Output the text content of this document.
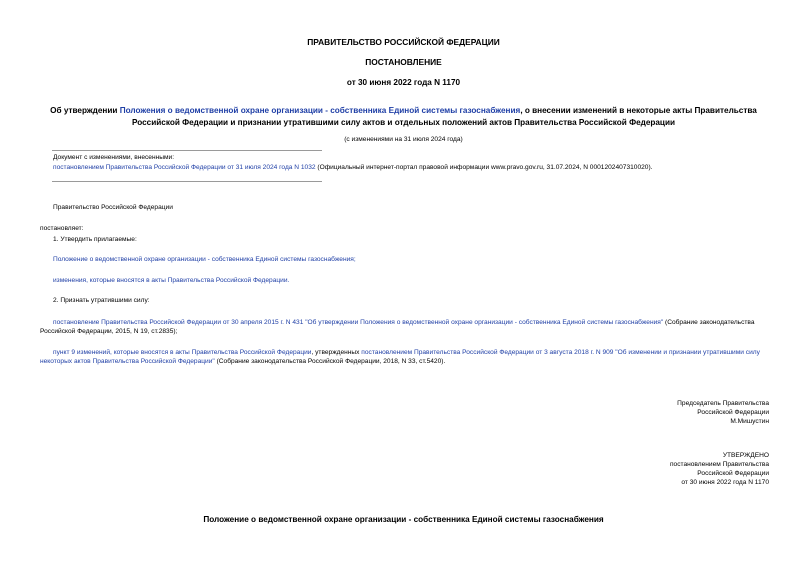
ПРАВИТЕЛЬСТВО РОССИЙСКОЙ ФЕДЕРАЦИИ
ПОСТАНОВЛЕНИЕ
от 30 июня 2022 года N 1170
Об утверждении Положения о ведомственной охране организации - собственника Единой системы газоснабжения, о внесении изменений в некоторые акты Правительства Российской Федерации и признании утратившими силу актов и отдельных положений актов Правительства Российской Федерации
(с изменениями на 31 июля 2024 года)
Документ с изменениями, внесенными:
постановлением Правительства Российской Федерации от 31 июля 2024 года N 1032 (Официальный интернет-портал правовой информации www.pravo.gov.ru, 31.07.2024, N 0001202407310020).
Правительство Российской Федерации
постановляет:
1. Утвердить прилагаемые:
Положение о ведомственной охране организации - собственника Единой системы газоснабжения;
изменения, которые вносятся в акты Правительства Российской Федерации.
2. Признать утратившими силу:
постановление Правительства Российской Федерации от 30 апреля 2015 г. N 431 "Об утверждении Положения о ведомственной охране организации - собственника Единой системы газоснабжения" (Собрание законодательства Российской Федерации, 2015, N 19, ст.2835);
пункт 9 изменений, которые вносятся в акты Правительства Российской Федерации, утвержденных постановлением Правительства Российской Федерации от 3 августа 2018 г. N 909 "Об изменении и признании утратившими силу некоторых актов Правительства Российской Федерации" (Собрание законодательства Российской Федерации, 2018, N 33, ст.5420).
Председатель Правительства
Российской Федерации
М.Мишустин
УТВЕРЖДЕНО
постановлением Правительства
Российской Федерации
от 30 июня 2022 года N 1170
Положение о ведомственной охране организации - собственника Единой системы газоснабжения
